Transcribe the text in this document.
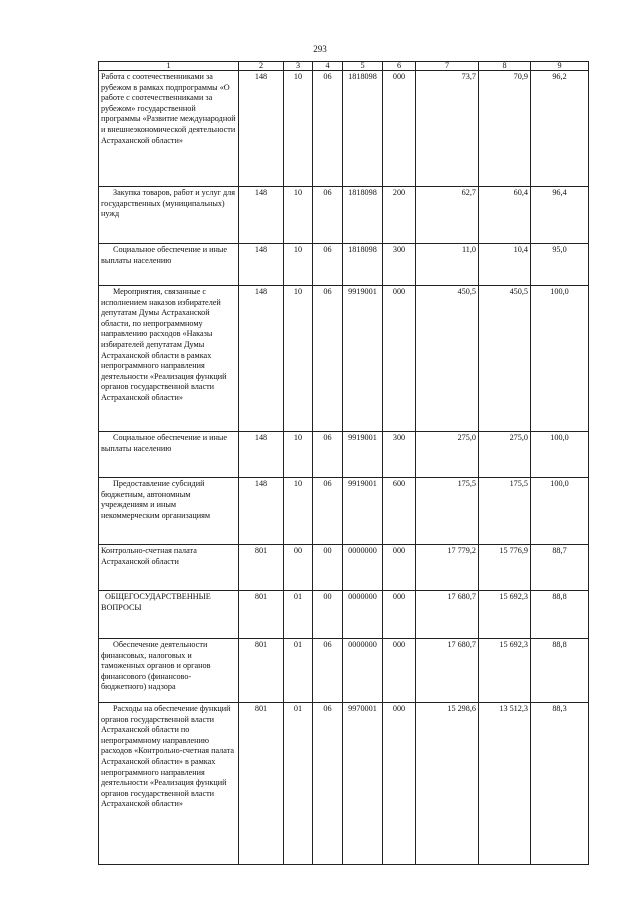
293
1	2	3	4	5	6	7	8	9
Работа с соотечественниками за рубежом в рамках подпрограммы «О работе с соотечественниками за рубежом» государственной программы «Развитие международной и внешнеэкономической деятельности Астраханской области»	148	10	06	1818098	000	73,7	70,9	96,2
Закупка товаров, работ и услуг для государственных (муниципальных) нужд	148	10	06	1818098	200	62,7	60,4	96,4
Социальное обеспечение и иные выплаты населению	148	10	06	1818098	300	11,0	10,4	95,0
Мероприятия, связанные с исполнением наказов избирателей депутатам Думы Астраханской области, по непрограммному направлению расходов «Наказы избирателей депутатам Думы Астраханской области в рамках непрограммного направления деятельности «Реализация функций органов государственной власти Астраханской области»	148	10	06	9919001	000	450,5	450,5	100,0
Социальное обеспечение и иные выплаты населению	148	10	06	9919001	300	275,0	275,0	100,0
Предоставление субсидий бюджетным, автономным учреждениям и иным некоммерческим организациям	148	10	06	9919001	600	175,5	175,5	100,0
Контрольно-счетная палата Астраханской области	801	00	00	0000000	000	17 779,2	15 776,9	88,7
ОБЩЕГОСУДАРСТВЕННЫЕ ВОПРОСЫ	801	01	00	0000000	000	17 680,7	15 692,3	88,8
Обеспечение деятельности финансовых, налоговых и таможенных органов и органов финансового (финансово-бюджетного) надзора	801	01	06	0000000	000	17 680,7	15 692,3	88,8
Расходы на обеспечение функций органов государственной власти Астраханской области по непрограммному направлению расходов «Контрольно-счетная палата Астраханской области» в рамках непрограммного направления деятельности «Реализация функций органов государственной власти Астраханской области»	801	01	06	9970001	000	15 298,6	13 512,3	88,3
